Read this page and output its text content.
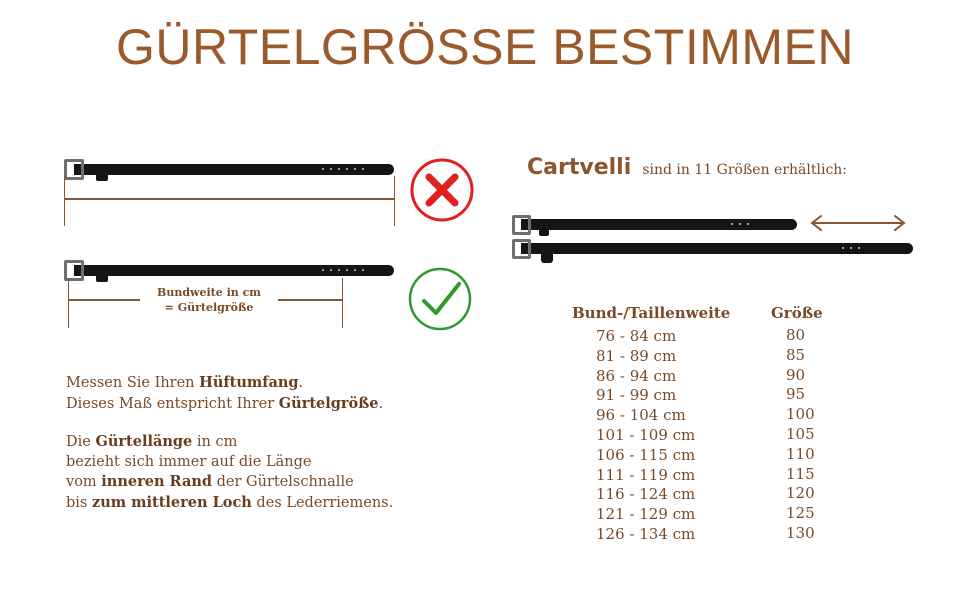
GÜRTELGRÖSSE BESTIMMEN
Bundweite in cm
= Gürtelgröße

Messen Sie Ihren Hüftumfang.

Dieses Maß entspricht Ihrer Gürtelgröße.

Die Gürtellänge in cm

bezieht sich immer auf die Länge

vom inneren Rand der Gürtelschnalle

bis zum mittleren Loch des Lederriemens.

Cartvelli sind in 11 Größen erhältlich:
Bund-/Taillenweite	Größe
76 - 84 cm	80
81 - 89 cm	85
86 - 94 cm	90
91 - 99 cm	95
96 - 104 cm	100
101 - 109 cm	105
106 - 115 cm	110
111 - 119 cm	115
116 - 124 cm	120
121 - 129 cm	125
126 - 134 cm	130
